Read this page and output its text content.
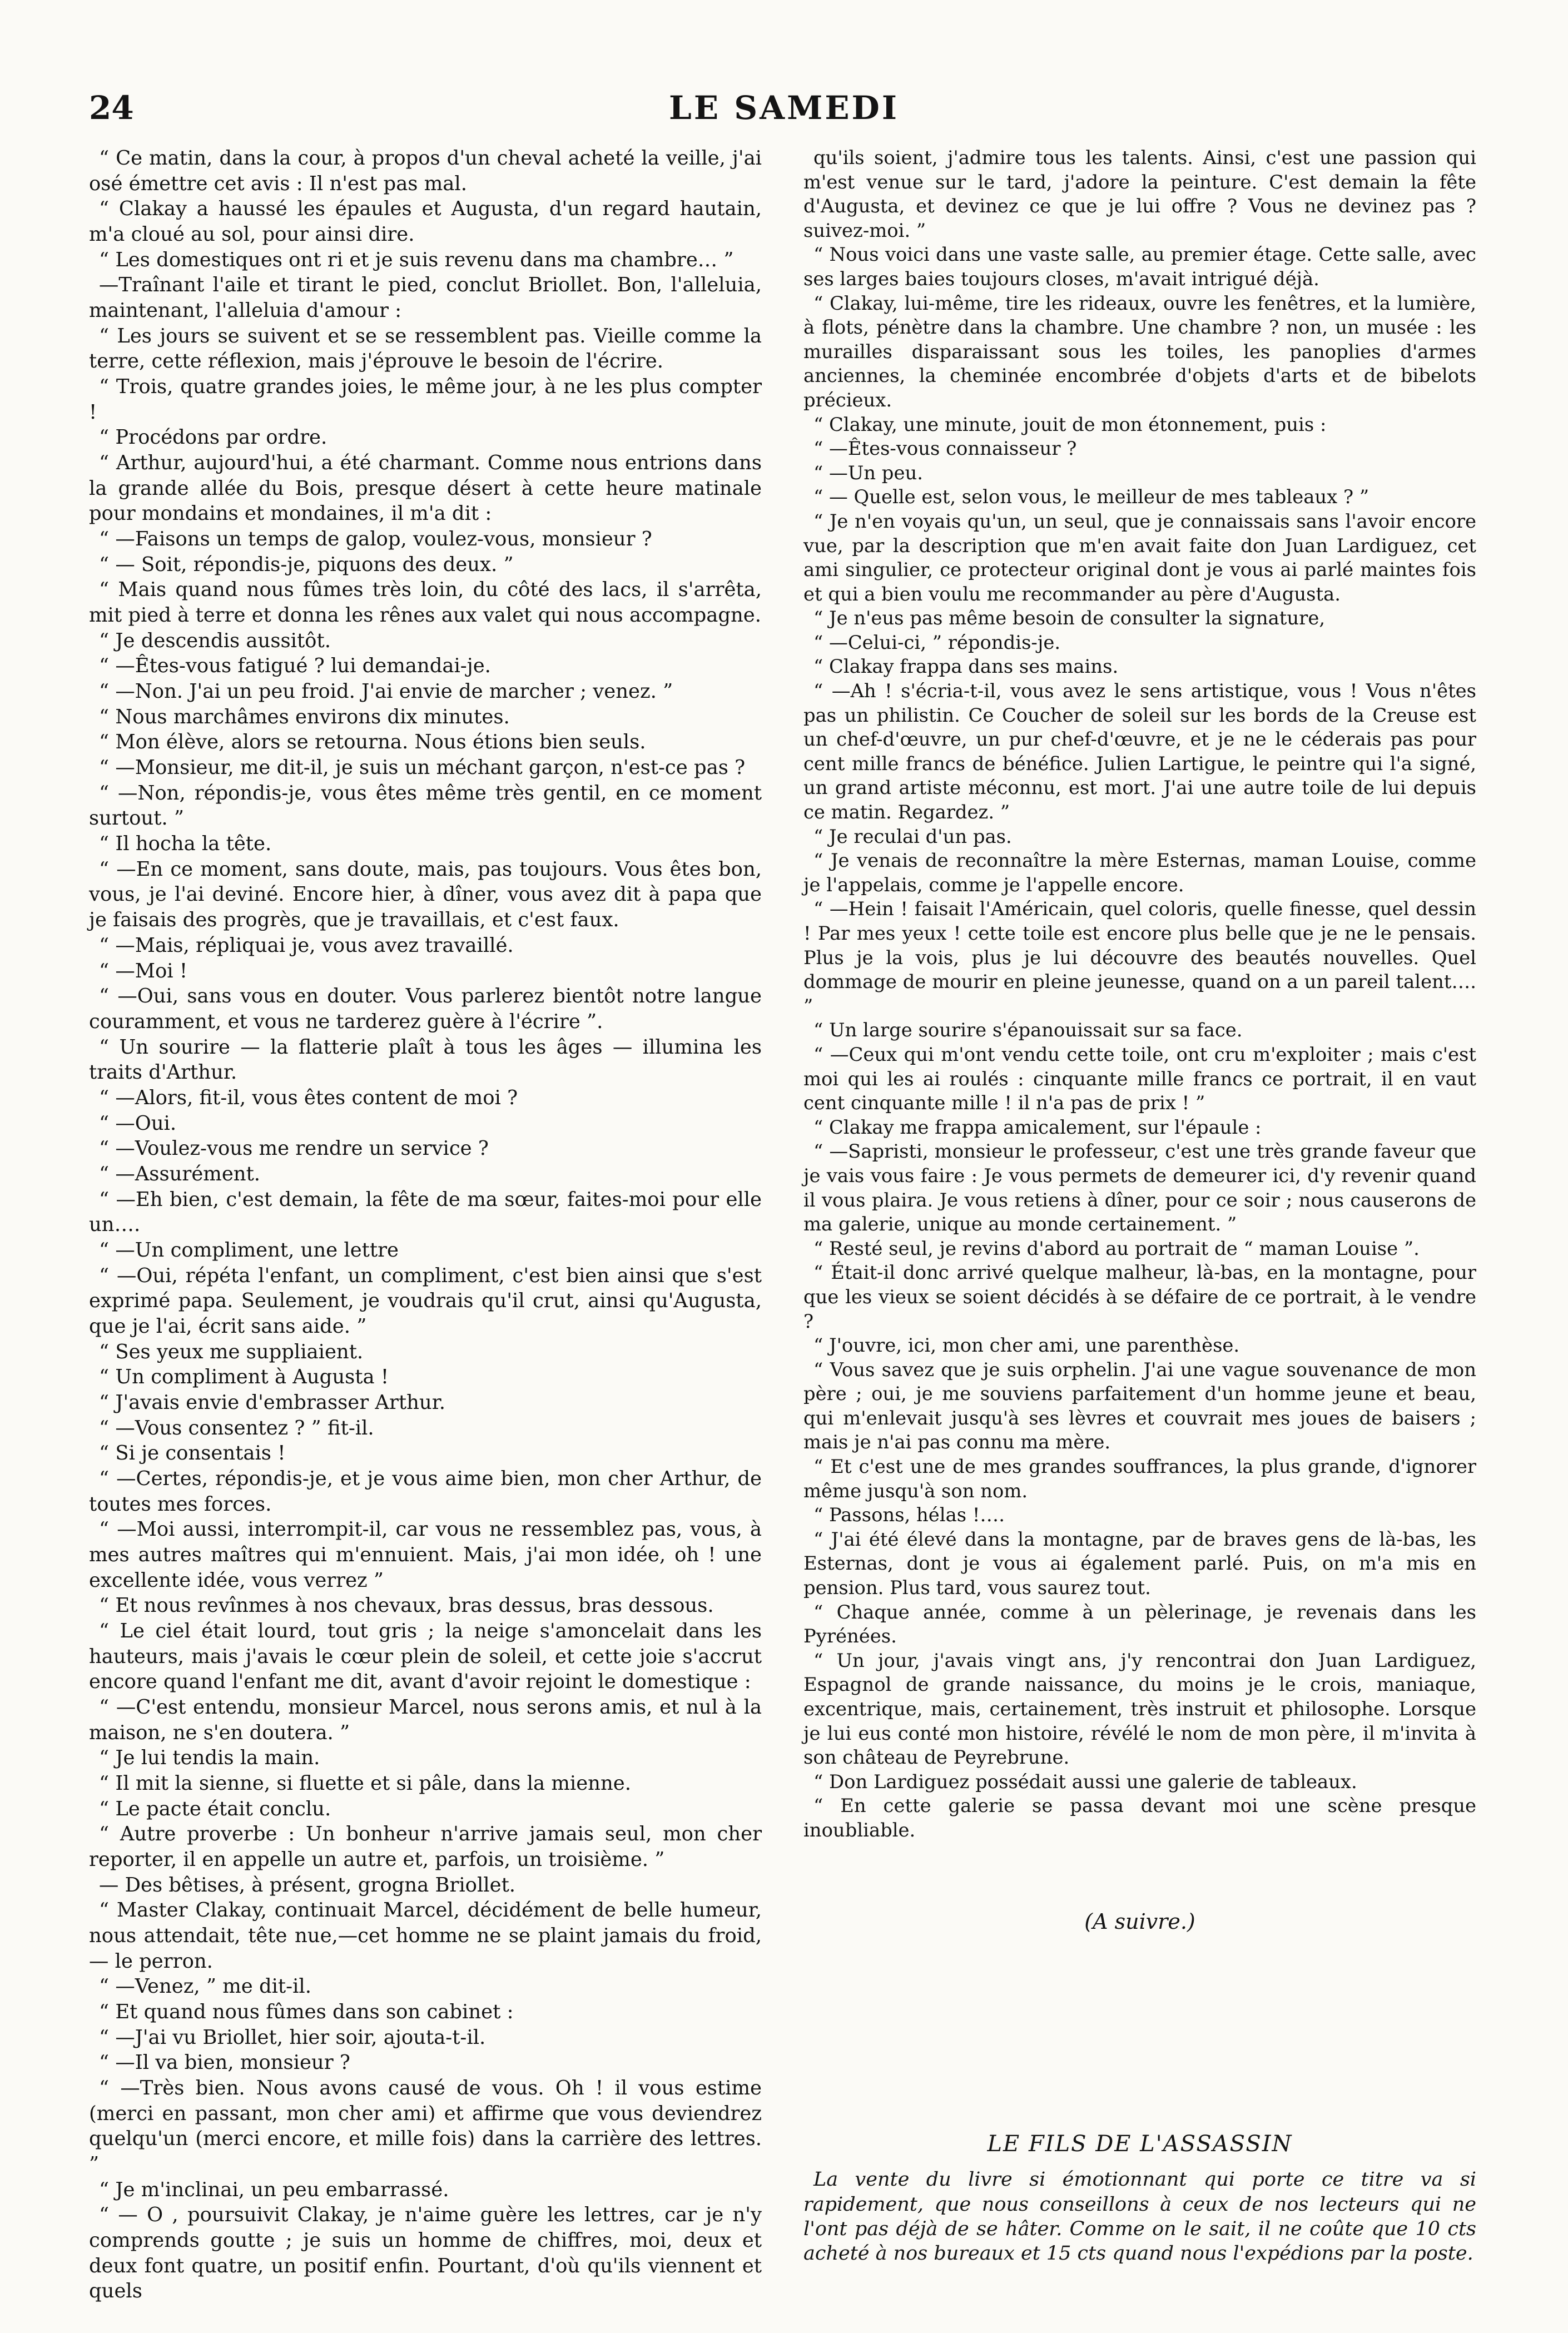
24	LE SAMEDI

“ Ce matin, dans la cour, à propos d'un cheval acheté la veille, j'ai osé émettre cet avis : Il n'est pas mal.

“ Clakay a haussé les épaules et Augusta, d'un regard hautain, m'a cloué au sol, pour ainsi dire.

“ Les domestiques ont ri et je suis revenu dans ma chambre… ”

—Traînant l'aile et tirant le pied, conclut Briollet. Bon, l'alleluia, maintenant, l'alleluia d'amour :

“ Les jours se suivent et se se ressemblent pas. Vieille comme la terre, cette réflexion, mais j'éprouve le besoin de l'écrire.

“ Trois, quatre grandes joies, le même jour, à ne les plus compter !

“ Procédons par ordre.

“ Arthur, aujourd'hui, a été charmant. Comme nous entrions dans la grande allée du Bois, presque désert à cette heure matinale pour mondains et mondaines, il m'a dit :

“ —Faisons un temps de galop, voulez-vous, monsieur ?

“ — Soit, répondis-je, piquons des deux. ”

“ Mais quand nous fûmes très loin, du côté des lacs, il s'arrêta, mit pied à terre et donna les rênes aux valet qui nous accompagne.

“ Je descendis aussitôt.

“ —Êtes-vous fatigué ? lui demandai-je.

“ —Non. J'ai un peu froid. J'ai envie de marcher ; venez. ”

“ Nous marchâmes environs dix minutes.

“ Mon élève, alors se retourna. Nous étions bien seuls.

“ —Monsieur, me dit-il, je suis un méchant garçon, n'est-ce pas ?

“ —Non, répondis-je, vous êtes même très gentil, en ce moment surtout. ”

“ Il hocha la tête.

“ —En ce moment, sans doute, mais, pas toujours. Vous êtes bon, vous, je l'ai deviné. Encore hier, à dîner, vous avez dit à papa que je faisais des progrès, que je travaillais, et c'est faux.

“ —Mais, répliquai je, vous avez travaillé.

“ —Moi !

“ —Oui, sans vous en douter. Vous parlerez bientôt notre langue couramment, et vous ne tarderez guère à l'écrire ”.

“ Un sourire — la flatterie plaît à tous les âges — illumina les traits d'Arthur.

“ —Alors, fit-il, vous êtes content de moi ?

“ —Oui.

“ —Voulez-vous me rendre un service ?

“ —Assurément.

“ —Eh bien, c'est demain, la fête de ma sœur, faites-moi pour elle un….

“ —Un compliment, une lettre

“ —Oui, répéta l'enfant, un compliment, c'est bien ainsi que s'est exprimé papa. Seulement, je voudrais qu'il crut, ainsi qu'Augusta, que je l'ai, écrit sans aide. ”

“ Ses yeux me suppliaient.

“ Un compliment à Augusta !

“ J'avais envie d'embrasser Arthur.

“ —Vous consentez ? ” fit-il.

“ Si je consentais !

“ —Certes, répondis-je, et je vous aime bien, mon cher Arthur, de toutes mes forces.

“ —Moi aussi, interrompit-il, car vous ne ressemblez pas, vous, à mes autres maîtres qui m'ennuient. Mais, j'ai mon idée, oh ! une excellente idée, vous verrez ”

“ Et nous revînmes à nos chevaux, bras dessus, bras dessous.

“ Le ciel était lourd, tout gris ; la neige s'amoncelait dans les hauteurs, mais j'avais le cœur plein de soleil, et cette joie s'accrut encore quand l'enfant me dit, avant d'avoir rejoint le domestique :

“ —C'est entendu, monsieur Marcel, nous serons amis, et nul à la maison, ne s'en doutera. ”

“ Je lui tendis la main.

“ Il mit la sienne, si fluette et si pâle, dans la mienne.

“ Le pacte était conclu.

“ Autre proverbe : Un bonheur n'arrive jamais seul, mon cher reporter, il en appelle un autre et, parfois, un troisième. ”

— Des bêtises, à présent, grogna Briollet.

“ Master Clakay, continuait Marcel, décidément de belle humeur, nous attendait, tête nue,—cet homme ne se plaint jamais du froid,— le perron.

“ —Venez, ” me dit-il.

“ Et quand nous fûmes dans son cabinet :

“ —J'ai vu Briollet, hier soir, ajouta-t-il.

“ —Il va bien, monsieur ?

“ —Très bien. Nous avons causé de vous. Oh ! il vous estime (merci en passant, mon cher ami) et affirme que vous deviendrez quelqu'un (merci encore, et mille fois) dans la carrière des lettres. ”

“ Je m'inclinai, un peu embarrassé.

“ — O , poursuivit Clakay, je n'aime guère les lettres, car je n'y comprends goutte ; je suis un homme de chiffres, moi, deux et deux font quatre, un positif enfin. Pourtant, d'où qu'ils viennent et quels

qu'ils soient, j'admire tous les talents. Ainsi, c'est une passion qui m'est venue sur le tard, j'adore la peinture. C'est demain la fête d'Augusta, et devinez ce que je lui offre ? Vous ne devinez pas ? suivez-moi. ”

“ Nous voici dans une vaste salle, au premier étage. Cette salle, avec ses larges baies toujours closes, m'avait intrigué déjà.

“ Clakay, lui-même, tire les rideaux, ouvre les fenêtres, et la lumière, à flots, pénètre dans la chambre. Une chambre ? non, un musée : les murailles disparaissant sous les toiles, les panoplies d'armes anciennes, la cheminée encombrée d'objets d'arts et de bibelots précieux.

“ Clakay, une minute, jouit de mon étonnement, puis :

“ —Êtes-vous connaisseur ?

“ —Un peu.

“ — Quelle est, selon vous, le meilleur de mes tableaux ? ”

“ Je n'en voyais qu'un, un seul, que je connaissais sans l'avoir encore vue, par la description que m'en avait faite don Juan Lardiguez, cet ami singulier, ce protecteur original dont je vous ai parlé maintes fois et qui a bien voulu me recommander au père d'Augusta.

“ Je n'eus pas même besoin de consulter la signature,

“ —Celui-ci, ” répondis-je.

“ Clakay frappa dans ses mains.

“ —Ah ! s'écria-t-il, vous avez le sens artistique, vous ! Vous n'êtes pas un philistin. Ce Coucher de soleil sur les bords de la Creuse est un chef-d'œuvre, un pur chef-d'œuvre, et je ne le céderais pas pour cent mille francs de bénéfice. Julien Lartigue, le peintre qui l'a signé, un grand artiste méconnu, est mort. J'ai une autre toile de lui depuis ce matin. Regardez. ”

“ Je reculai d'un pas.

“ Je venais de reconnaître la mère Esternas, maman Louise, comme je l'appelais, comme je l'appelle encore.

“ —Hein ! faisait l'Américain, quel coloris, quelle finesse, quel dessin ! Par mes yeux ! cette toile est encore plus belle que je ne le pensais. Plus je la vois, plus je lui découvre des beautés nouvelles. Quel dommage de mourir en pleine jeunesse, quand on a un pareil talent…. ”

“ Un large sourire s'épanouissait sur sa face.

“ —Ceux qui m'ont vendu cette toile, ont cru m'exploiter ; mais c'est moi qui les ai roulés : cinquante mille francs ce portrait, il en vaut cent cinquante mille ! il n'a pas de prix ! ”

“ Clakay me frappa amicalement, sur l'épaule :

“ —Sapristi, monsieur le professeur, c'est une très grande faveur que je vais vous faire : Je vous permets de demeurer ici, d'y revenir quand il vous plaira. Je vous retiens à dîner, pour ce soir ; nous causerons de ma galerie, unique au monde certainement. ”

“ Resté seul, je revins d'abord au portrait de “ maman Louise ”.

“ Était-il donc arrivé quelque malheur, là-bas, en la montagne, pour que les vieux se soient décidés à se défaire de ce portrait, à le vendre ?

“ J'ouvre, ici, mon cher ami, une parenthèse.

“ Vous savez que je suis orphelin. J'ai une vague souvenance de mon père ; oui, je me souviens parfaitement d'un homme jeune et beau, qui m'enlevait jusqu'à ses lèvres et couvrait mes joues de baisers ; mais je n'ai pas connu ma mère.

“ Et c'est une de mes grandes souffrances, la plus grande, d'ignorer même jusqu'à son nom.

“ Passons, hélas !….

“ J'ai été élevé dans la montagne, par de braves gens de là-bas, les Esternas, dont je vous ai également parlé. Puis, on m'a mis en pension. Plus tard, vous saurez tout.

“ Chaque année, comme à un pèlerinage, je revenais dans les Pyrénées.

“ Un jour, j'avais vingt ans, j'y rencontrai don Juan Lardiguez, Espagnol de grande naissance, du moins je le crois, maniaque, excentrique, mais, certainement, très instruit et philosophe. Lorsque je lui eus conté mon histoire, révélé le nom de mon père, il m'invita à son château de Peyrebrune.

“ Don Lardiguez possédait aussi une galerie de tableaux.

“ En cette galerie se passa devant moi une scène presque inoubliable.

(A suivre.)

LE FILS DE L'ASSASSIN

La vente du livre si émotionnant qui porte ce titre va si rapidement, que nous conseillons à ceux de nos lecteurs qui ne l'ont pas déjà de se hâter. Comme on le sait, il ne coûte que 10 cts acheté à nos bureaux et 15 cts quand nous l'expédions par la poste.
